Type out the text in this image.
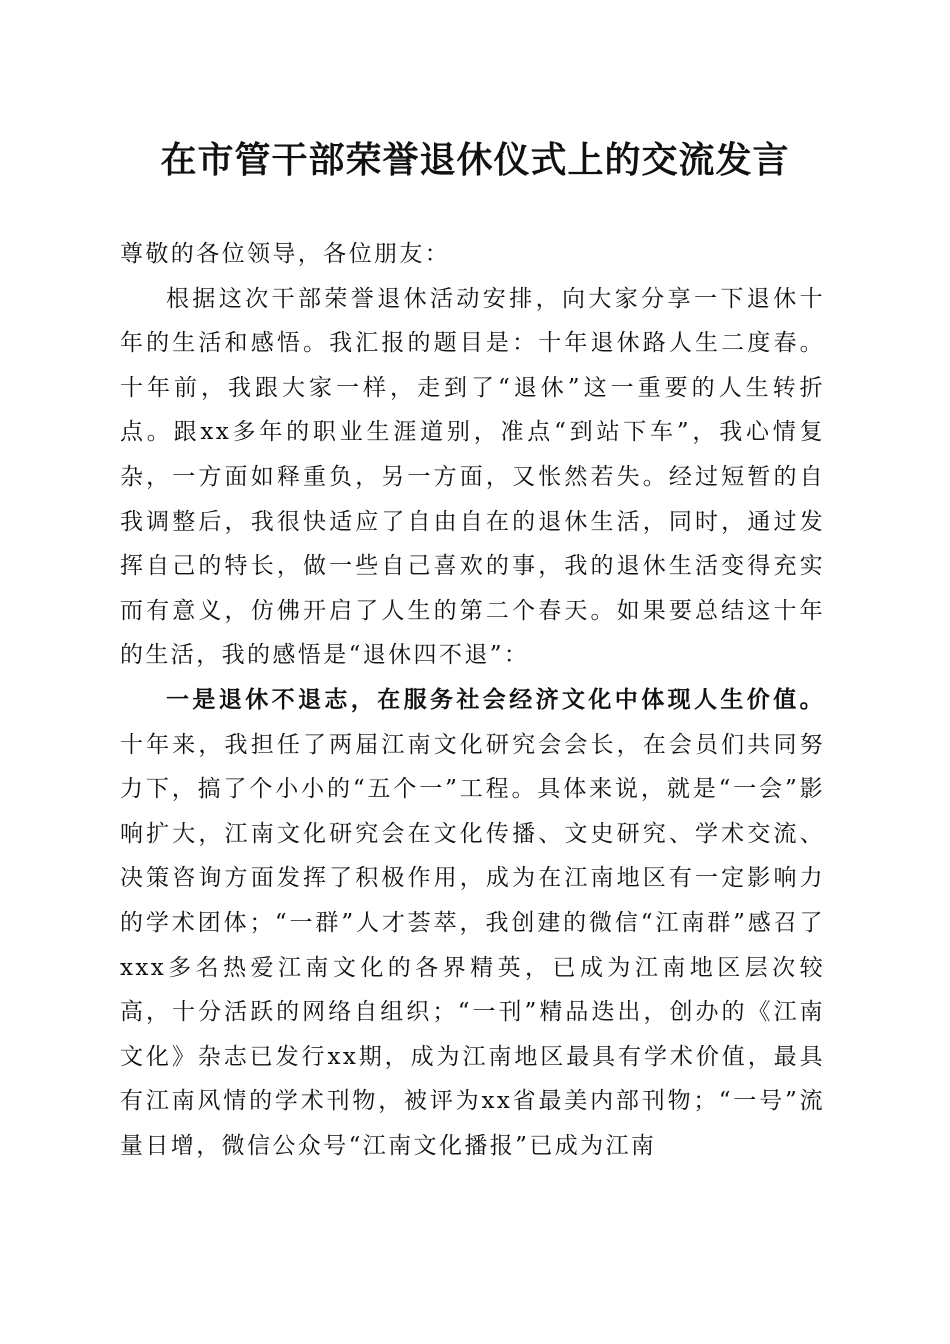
在市管干部荣誉退休仪式上的交流发言

尊敬的各位领导，各位朋友：

根据这次干部荣誉退休活动安排，向大家分享一下退休十年的生活和感悟。我汇报的题目是：十年退休路人生二度春。十年前，我跟大家一样，走到了“退休”这一重要的人生转折点。跟xx多年的职业生涯道别，准点“到站下车”，我心情复杂，一方面如释重负，另一方面，又怅然若失。经过短暂的自我调整后，我很快适应了自由自在的退休生活，同时，通过发挥自己的特长，做一些自己喜欢的事，我的退休生活变得充实而有意义，仿佛开启了人生的第二个春天。如果要总结这十年的生活，我的感悟是“退休四不退”：

一是退休不退志，在服务社会经济文化中体现人生价值。十年来，我担任了两届江南文化研究会会长，在会员们共同努力下，搞了个小小的“五个一”工程。具体来说，就是“一会”影响扩大，江南文化研究会在文化传播、文史研究、学术交流、决策咨询方面发挥了积极作用，成为在江南地区有一定影响力的学术团体；“一群”人才荟萃，我创建的微信“江南群”感召了xxx多名热爱江南文化的各界精英，已成为江南地区层次较高，十分活跃的网络自组织；“一刊”精品迭出，创办的《江南文化》杂志已发行xx期，成为江南地区最具有学术价值，最具有江南风情的学术刊物，被评为xx省最美内部刊物；“一号”流量日增，微信公众号“江南文化播报”已成为江南
